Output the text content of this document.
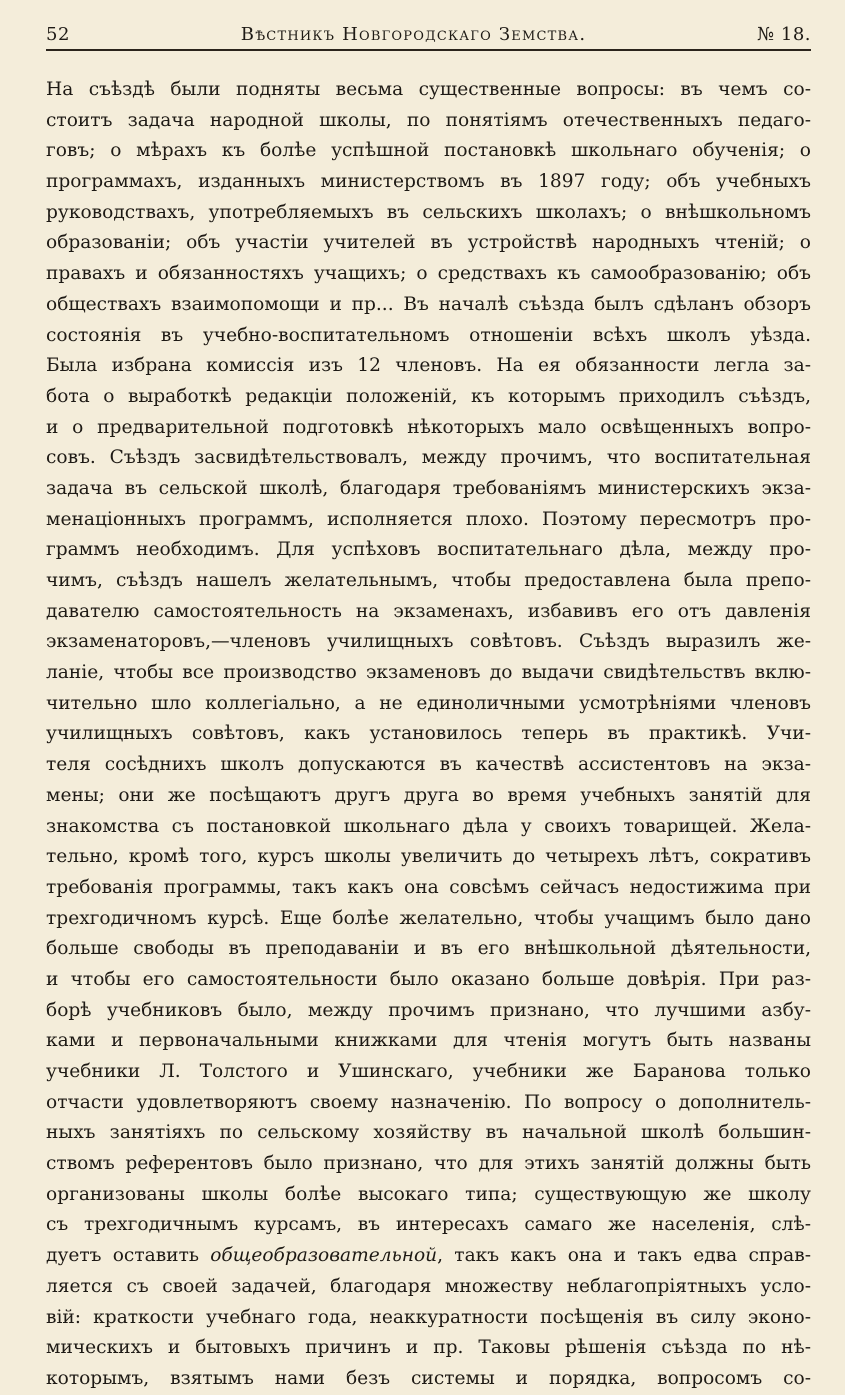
52	Вѣстникъ Новгородскаго Земства.	№ 18.
На съѣздѣ были подняты весьма существенные вопросы: въ чемъ со-
стоитъ задача народной школы, по понятіямъ отечественныхъ педаго-
говъ; о мѣрахъ къ болѣе успѣшной постановкѣ школьнаго обученія; о
программахъ, изданныхъ министерствомъ въ 1897 году; объ учебныхъ
руководствахъ, употребляемыхъ въ сельскихъ школахъ; о внѣшкольномъ
образованіи; объ участіи учителей въ устройствѣ народныхъ чтеній; о
правахъ и обязанностяхъ учащихъ; о средствахъ къ самообразованію; объ
обществахъ взаимопомощи и пр... Въ началѣ съѣзда былъ сдѣланъ обзоръ
состоянія въ учебно-воспитательномъ отношеніи всѣхъ школъ уѣзда.
Была избрана комиссія изъ 12 членовъ. На ея обязанности легла за-
бота о выработкѣ редакціи положеній, къ которымъ приходилъ съѣздъ,
и о предварительной подготовкѣ нѣкоторыхъ мало освѣщенныхъ вопро-
совъ. Съѣздъ засвидѣтельствовалъ, между прочимъ, что воспитательная
задача въ сельской школѣ, благодаря требованіямъ министерскихъ экза-
менаціонныхъ программъ, исполняется плохо. Поэтому пересмотръ про-
граммъ необходимъ. Для успѣховъ воспитательнаго дѣла, между про-
чимъ, съѣздъ нашелъ желательнымъ, чтобы предоставлена была препо-
давателю самостоятельность на экзаменахъ, избавивъ его отъ давленія
экзаменаторовъ,—членовъ училищныхъ совѣтовъ. Съѣздъ выразилъ же-
ланіе, чтобы все производство экзаменовъ до выдачи свидѣтельствъ вклю-
чительно шло коллегіально, а не единоличными усмотрѣніями членовъ
училищныхъ совѣтовъ, какъ установилось теперь въ практикѣ. Учи-
теля сосѣднихъ школъ допускаются въ качествѣ ассистентовъ на экза-
мены; они же посѣщаютъ другъ друга во время учебныхъ занятій для
знакомства съ постановкой школьнаго дѣла у своихъ товарищей. Жела-
тельно, кромѣ того, курсъ школы увеличить до четырехъ лѣтъ, сокративъ
требованія программы, такъ какъ она совсѣмъ сейчасъ недостижима при
трехгодичномъ курсѣ. Еще болѣе желательно, чтобы учащимъ было дано
больше свободы въ преподаваніи и въ его внѣшкольной дѣятельности,
и чтобы его самостоятельности было оказано больше довѣрія. При раз-
борѣ учебниковъ было, между прочимъ признано, что лучшими азбу-
ками и первоначальными книжками для чтенія могутъ быть названы
учебники Л. Толстого и Ушинскаго, учебники же Баранова только
отчасти удовлетворяютъ своему назначенію. По вопросу о дополнитель-
ныхъ занятіяхъ по сельскому хозяйству въ начальной школѣ большин-
ствомъ референтовъ было признано, что для этихъ занятій должны быть
организованы школы болѣе высокаго типа; существующую же школу
съ трехгодичнымъ курсамъ, въ интересахъ самаго же населенія, слѣ-
дуетъ оставить общеобразовательной, такъ какъ она и такъ едва справ-
ляется съ своей задачей, благодаря множеству неблагопріятныхъ усло-
вій: краткости учебнаго года, неаккуратности посѣщенія въ силу эконо-
мическихъ и бытовыхъ причинъ и пр. Таковы рѣшенія съѣзда по нѣ-
которымъ, взятымъ нами безъ системы и порядка, вопросомъ со-
